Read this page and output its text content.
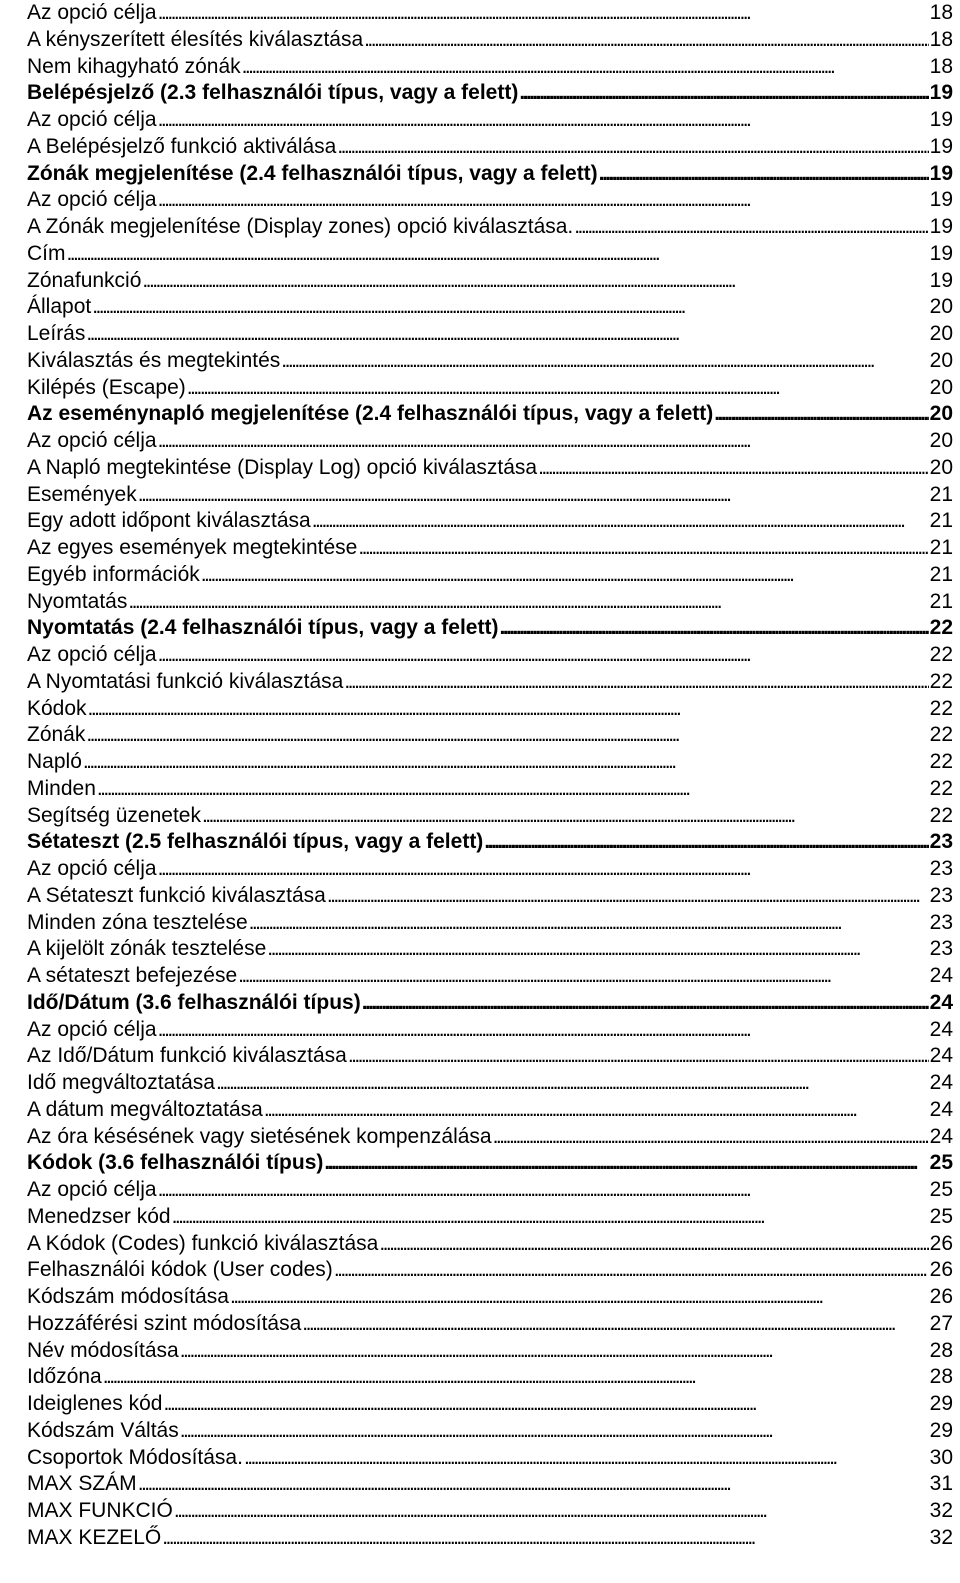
Az opció célja . . .	18
A kényszerített élesítés kiválasztása . . .	18
Nem kihagyható zónák . . .	18
Belépésjelző (2.3 felhasználói típus, vagy a felett) . . .	19
Az opció célja . . .	19
A Belépésjelző funkció aktiválása . . .	19
Zónák megjelenítése (2.4 felhasználói típus, vagy a felett) . . .	19
Az opció célja . . .	19
A Zónák megjelenítése (Display zones) opció kiválasztása. . . .	19
Cím . . .	19
Zónafunkció . . .	19
Állapot . . .	20
Leírás . . .	20
Kiválasztás és megtekintés . . .	20
Kilépés (Escape) . . .	20
Az eseménynapló megjelenítése (2.4 felhasználói típus, vagy a felett) . . .	20
Az opció célja . . .	20
A Napló megtekintése (Display Log) opció kiválasztása . . .	20
Események . . .	21
Egy adott időpont kiválasztása . . .	21
Az egyes események megtekintése . . .	21
Egyéb információk . . .	21
Nyomtatás . . .	21
Nyomtatás (2.4 felhasználói típus, vagy a felett) . . .	22
Az opció célja . . .	22
A Nyomtatási funkció kiválasztása . . .	22
Kódok . . .	22
Zónák . . .	22
Napló . . .	22
Minden . . .	22
Segítség üzenetek . . .	22
Sétateszt (2.5 felhasználói típus, vagy a felett) . . .	23
Az opció célja . . .	23
A Sétateszt funkció kiválasztása . . .	23
Minden zóna tesztelése . . .	23
A kijelölt zónák tesztelése . . .	23
A sétateszt befejezése . . .	24
Idő/Dátum (3.6 felhasználói típus) . . .	24
Az opció célja . . .	24
Az Idő/Dátum funkció kiválasztása . . .	24
Idő megváltoztatása . . .	24
A dátum megváltoztatása . . .	24
Az óra késésének vagy sietésének kompenzálása . . .	24
Kódok (3.6 felhasználói típus) . . .	25
Az opció célja . . .	25
Menedzser kód . . .	25
A Kódok (Codes) funkció kiválasztása . . .	26
Felhasználói kódok (User codes) . . .	26
Kódszám módosítása . . .	26
Hozzáférési szint módosítása . . .	27
Név módosítása . . .	28
Időzóna . . .	28
Ideiglenes kód . . .	29
Kódszám Váltás . . .	29
Csoportok Módosítása. . . .	30
MAX SZÁM . . .	31
MAX FUNKCIÓ . . .	32
MAX KEZELŐ . . .	32
